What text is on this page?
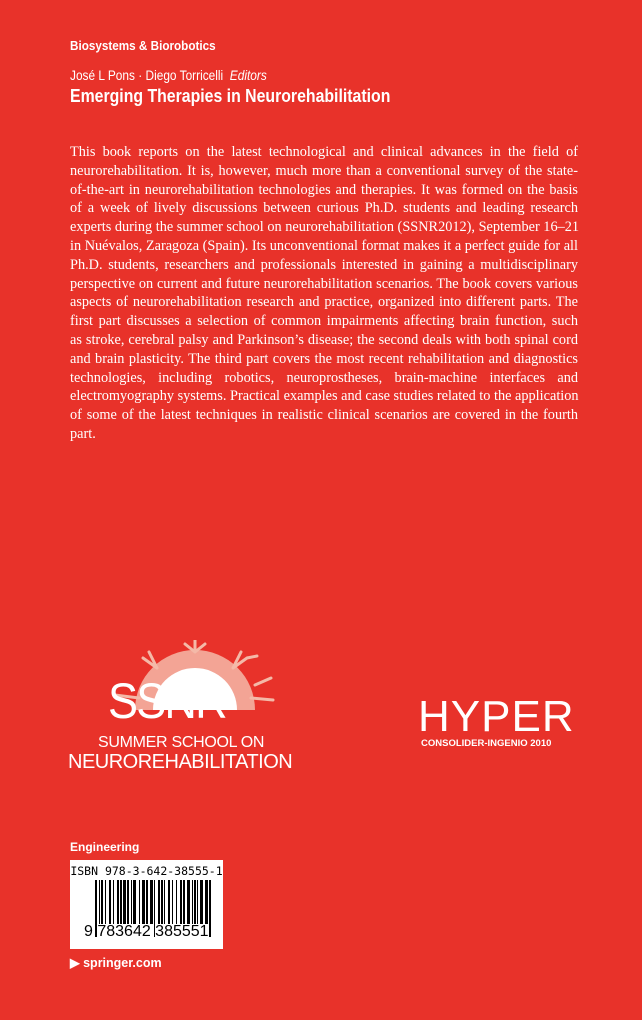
Biosystems & Biorobotics
José L Pons · Diego Torricelli Editors
Emerging Therapies in Neurorehabilitation
This book reports on the latest technological and clinical advances in the field of
neurorehabilitation. It is, however, much more than a conventional survey of the state-
of-the-art in neurorehabilitation technologies and therapies. It was formed on the basis
of a week of lively discussions between curious Ph.D. students and leading research
experts during the summer school on neurorehabilitation (SSNR2012), September 16–21
in Nuévalos, Zaragoza (Spain). Its unconventional format makes it a perfect guide for all
Ph.D. students, researchers and professionals interested in gaining a multidisciplinary
perspective on current and future neurorehabilitation scenarios. The book covers various
aspects of neurorehabilitation research and practice, organized into different parts. The
first part discusses a selection of common impairments affecting brain function, such
as stroke, cerebral palsy and Parkinson’s disease; the second deals with both spinal cord
and brain plasticity. The third part covers the most recent rehabilitation and diagnostics
technologies, including robotics, neuroprostheses, brain-machine interfaces and
electromyography systems. Practical examples and case studies related to the application
of some of the latest techniques in realistic clinical scenarios are covered in the fourth
part.
SSNR
SUMMER SCHOOL ON
NEUROREHABILITATION
HYPER
CONSOLIDER-INGENIO 2010
Engineering
ISBN 978-3-642-38555-1
9 783642 385551
▶ springer.com
